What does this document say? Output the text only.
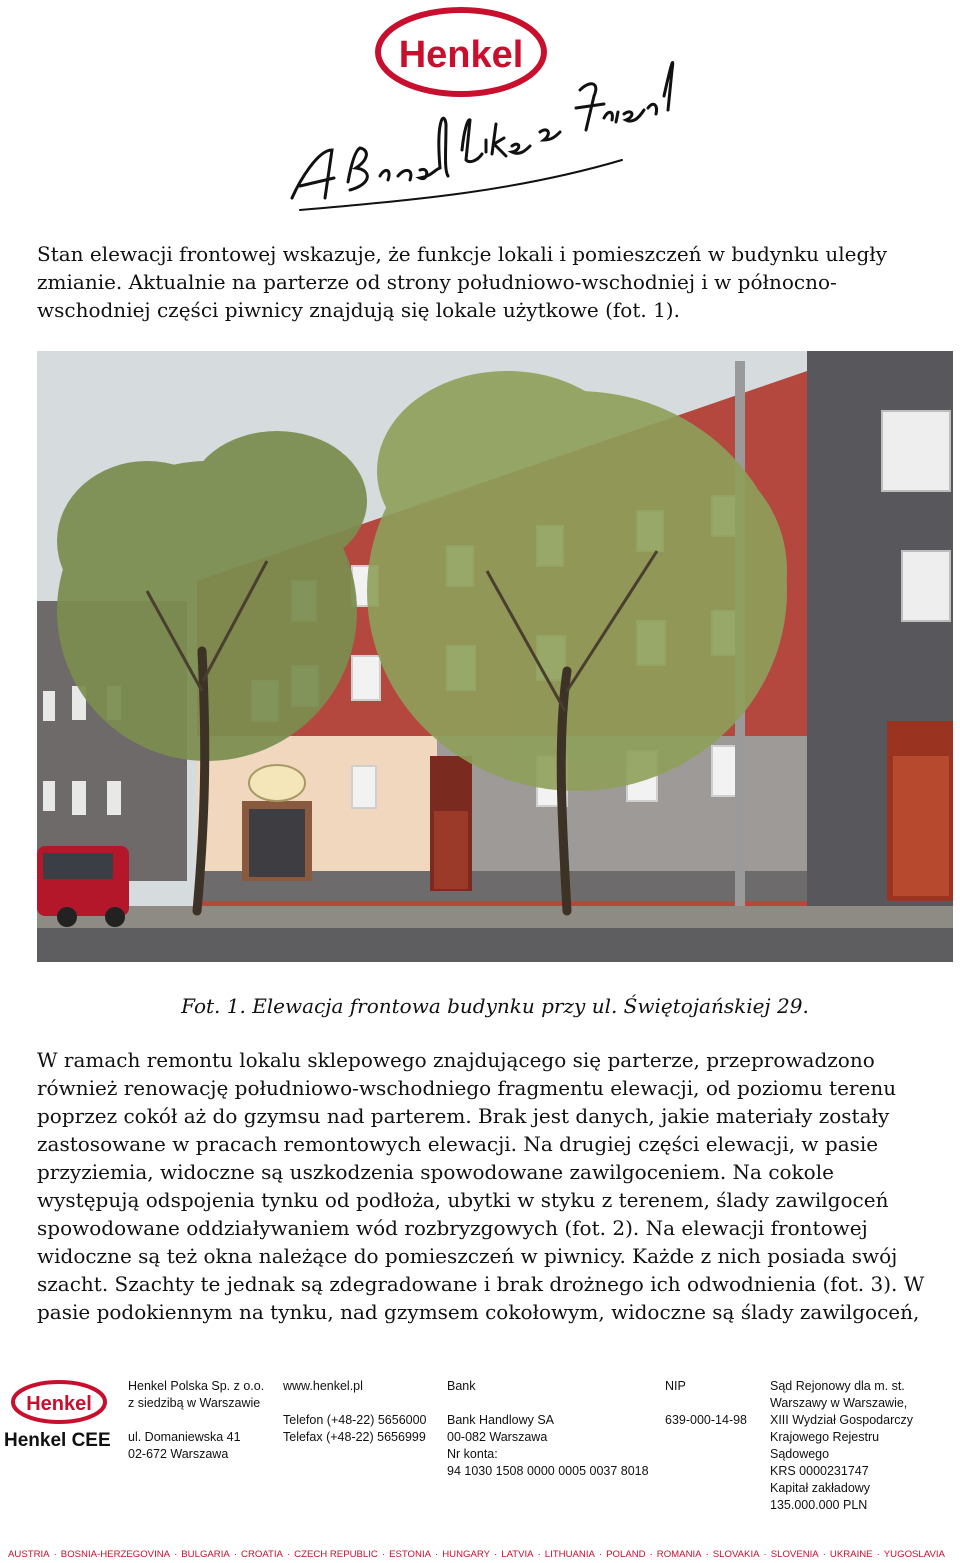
Henkel

Stan elewacji frontowej wskazuje, że funkcje lokali i pomieszczeń w budynku uległy zmianie. Aktualnie na parterze od strony południowo-wschodniej i w północno-wschodniej części piwnicy znajdują się lokale użytkowe (fot. 1).

Fot. 1. Elewacja frontowa budynku przy ul. Świętojańskiej 29.

W ramach remontu lokalu sklepowego znajdującego się parterze, przeprowadzono również renowację południowo-wschodniego fragmentu elewacji, od poziomu terenu poprzez cokół aż do gzymsu nad parterem. Brak jest danych, jakie materiały zostały zastosowane w pracach remontowych elewacji. Na drugiej części elewacji, w pasie przyziemia, widoczne są uszkodzenia spowodowane zawilgoceniem. Na cokole występują odspojenia tynku od podłoża, ubytki w styku z terenem, ślady zawilgoceń spowodowane oddziaływaniem wód rozbryzgowych (fot. 2). Na elewacji frontowej widoczne są też okna należące do pomieszczeń w piwnicy. Każde z nich posiada swój szacht. Szachty te jednak są zdegradowane i brak drożnego ich odwodnienia (fot. 3). W pasie podokiennym na tynku, nad gzymsem cokołowym, widoczne są ślady zawilgoceń,

Henkel
Henkel CEE
Henkel Polska Sp. z o.o.
z siedzibą w Warszawie
ul. Domaniewska 41
02-672 Warszawa
www.henkel.pl
Telefon (+48-22) 5656000
Telefax (+48-22) 5656999
Bank
Bank Handlowy SA
00-082 Warszawa
Nr konta:
94 1030 1508 0000 0005 0037 8018
NIP
639-000-14-98
Sąd Rejonowy dla m. st.
Warszawy w Warszawie,
XIII Wydział Gospodarczy
Krajowego Rejestru
Sądowego
KRS 0000231747
Kapitał zakładowy
135.000.000 PLN
AUSTRIA · BOSNIA-HERZEGOVINA · BULGARIA · CROATIA · CZECH REPUBLIC · ESTONIA · HUNGARY · LATVIA · LITHUANIA · POLAND · ROMANIA · SLOVAKIA · SLOVENIA · UKRAINE · YUGOSLAVIA
